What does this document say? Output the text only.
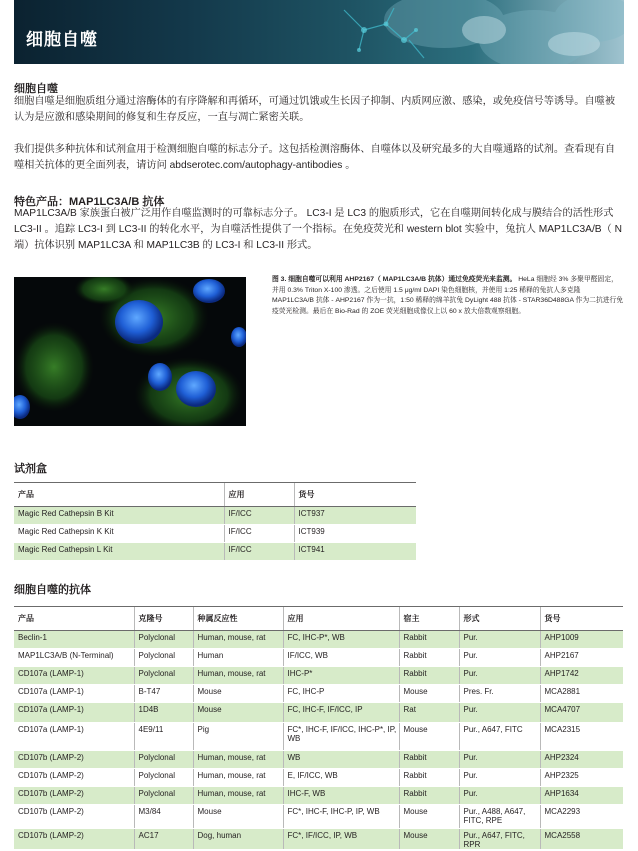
细胞自噬
细胞自噬
细胞自噬是细胞质组分通过溶酶体的有序降解和再循环，可通过饥饿或生长因子抑制、内质网应激、感染，或免疫信号等诱导。自噬被认为是应激和感染期间的修复和生存反应，一直与凋亡紧密关联。
我们提供多种抗体和试剂盒用于检测细胞自噬的标志分子。这包括检测溶酶体、自噬体以及研究最多的大自噬通路的试剂。查看现有自噬相关抗体的更全面列表，请访问 abdserotec.com/autophagy-antibodies 。
特色产品：MAP1LC3A/B 抗体
MAP1LC3A/B 家族蛋白被广泛用作自噬监测时的可靠标志分子。 LC3-I 是 LC3 的胞质形式，它在自噬期间转化成与膜结合的活性形式 LC3-II 。追踪 LC3-I 到 LC3-II 的转化水平，为自噬活性提供了一个指标。在免疫荧光和 western blot 实验中，兔抗人 MAP1LC3A/B（ N 端）抗体识别 MAP1LC3A 和 MAP1LC3B 的 LC3-I 和 LC3-II 形式。
图 3. 细胞自噬可以利用 AHP2167（ MAP1LC3A/B 抗体）通过免疫荧光来监测。 HeLa 细胞经 3% 多聚甲醛固定，并用 0.3% Triton X-100 渗透。之后使用 1.5 μg/ml DAPI 染色细胞核，并使用 1:25 稀释的兔抗人多克隆 MAP1LC3A/B 抗体 - AHP2167 作为一抗，1:50 稀释的绵羊抗兔 DyLight 488 抗体 - STAR36D488GA 作为二抗进行免疫荧光检测。最后在 Bio-Rad 的 ZOE 荧光细胞成像仪上以 60 x 放大倍数观察细胞。
试剂盒
产品	应用	货号
Magic Red Cathepsin B Kit	IF/ICC	ICT937
Magic Red Cathepsin K Kit	IF/ICC	ICT939
Magic Red Cathepsin L Kit	IF/ICC	ICT941
细胞自噬的抗体
产品	克隆号	种属反应性	应用	宿主	形式	货号
Beclin-1	Polyclonal	Human, mouse, rat	FC, IHC-P*, WB	Rabbit	Pur.	AHP1009
MAP1LC3A/B (N-Terminal)	Polyclonal	Human	IF/ICC, WB	Rabbit	Pur.	AHP2167
CD107a (LAMP-1)	Polyclonal	Human, mouse, rat	IHC-P*	Rabbit	Pur.	AHP1742
CD107a (LAMP-1)	B-T47	Mouse	FC, IHC-P	Mouse	Pres. Fr.	MCA2881
CD107a (LAMP-1)	1D4B	Mouse	FC, IHC-F, IF/ICC, IP	Rat	Pur.	MCA4707
CD107a (LAMP-1)	4E9/11	Pig	FC*, IHC-F, IF/ICC, IHC-P*, IP, WB	Mouse	Pur., A647, FITC	MCA2315
CD107b (LAMP-2)	Polyclonal	Human, mouse, rat	WB	Rabbit	Pur.	AHP2324
CD107b (LAMP-2)	Polyclonal	Human, mouse, rat	E, IF/ICC, WB	Rabbit	Pur.	AHP2325
CD107b (LAMP-2)	Polyclonal	Human, mouse, rat	IHC-F, WB	Rabbit	Pur.	AHP1634
CD107b (LAMP-2)	M3/84	Mouse	FC*, IHC-F, IHC-P, IP, WB	Mouse	Pur., A488, A647, FITC, RPE	MCA2293
CD107b (LAMP-2)	AC17	Dog, human	FC*, IF/ICC, IP, WB	Mouse	Pur., A647, FITC, RPR	MCA2558
